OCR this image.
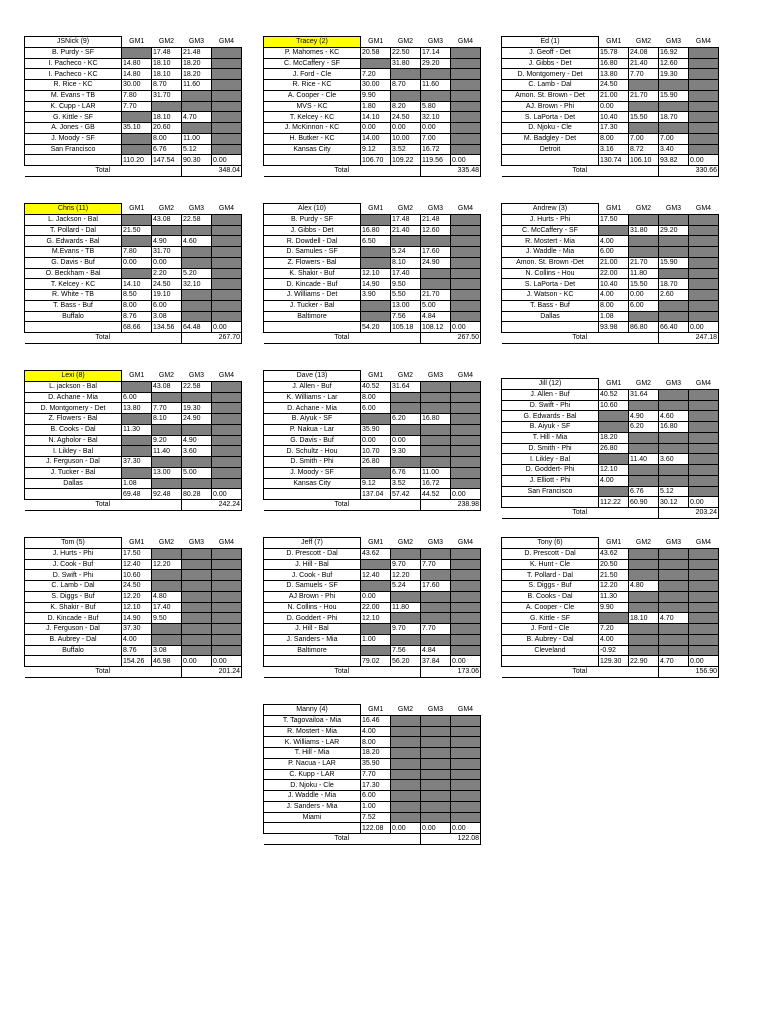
JSNick (9)	GM1	GM2	GM3	GM4
B. Purdy - SF		17.48	21.48	
I. Pacheco - KC	14.80	18.10	18.20	
I. Pacheco - KC	14.80	18.10	18.20	
R. Rice - KC	30.00	8.70	11.60	
M. Evans - TB	7.80	31.70		
K. Cupp - LAR	7.70			
G. Kittle - SF		18.10	4.70	
A. Jones - GB	35.10	20.60		
J. Moody - SF		8.00	11.00	
San Francisco		6.76	5.12	
	110.20	147.54	90.30	0.00
Total			348.04	
Tracey (2)	GM1	GM2	GM3	GM4
P. Mahomes - KC	20.58	22.50	17.14	
C. McCaffery - SF		31.80	29.20	
J. Ford - Cle	7.20			
R. Rice - KC	30.00	8.70	11.60	
A. Cooper - Cle	9.90			
MVS - KC	1.80	8.20	5.80	
T. Kelcey - KC	14.10	24.50	32.10	
J. McKinnon - KC	0.00	0.00	0.00	
H. Butker - KC	14.00	10.00	7.00	
Kansas City	9.12	3.52	16.72	
	106.70	109.22	119.56	0.00
Total			335.48	
Ed (1)	GM1	GM2	GM3	GM4
J. Geoff - Det	15.78	24.08	16.92	
J. Gibbs - Det	16.80	21.40	12.60	
D. Montgomery - Det	13.80	7.70	19.30	
C. Lamb - Dal	24.50			
Amon. St. Brown - Det	21.00	21.70	15.90	
AJ. Brown - Phi	0.00			
S. LaPorta - Det	10.40	15.50	18.70	
D. Njoku - Cle	17.30			
M. Badgley - Det	8.00	7.00	7.00	
Detroit	3.16	8.72	3.40	
	130.74	106.10	93.82	0.00
Total			330.66	
Chris (11)	GM1	GM2	GM3	GM4
L. Jackson - Bal		43.08	22.58	
T. Pollard - Dal	21.50			
G. Edwards - Bal		4.90	4.60	
M.Evans - TB	7.80	31.70		
G. Davis - Buf	0.00	0.00		
O. Beckham - Bal		2.20	5.20	
T. Kelcey - KC	14.10	24.50	32.10	
R. White - TB	8.50	19.10		
T. Bass - Buf	8.00	6.00		
Buffalo	8.76	3.08		
	68.66	134.56	64.48	0.00
Total			267.70	
Alex (10)	GM1	GM2	GM3	GM4
B. Purdy - SF		17.48	21.48	
J. Gibbs - Det	16.80	21.40	12.60	
R. Dowdell - Dal	6.50			
D. Samules - SF		5.24	17.60	
Z. Flowers - Bal		8.10	24.90	
K. Shakir - Buf	12.10	17.40		
D. Kincade - Buf	14.90	9.50		
J. Williams - Det	3.90	5.50	21.70	
J. Tucker - Bal		13.00	5.00	
Baltimore		7.56	4.84	
	54.20	105.18	108.12	0.00
Total			267.50	
Andrew (3)	GM1	GM2	GM3	GM4
J. Hurts - Phi	17.50			
C. McCaffery - SF		31.80	29.20	
R. Mostert - Mia	4.00			
J. Waddle - Mia	6.00			
Amon. St. Brown -Det	21.00	21.70	15.90	
N. Collins - Hou	22.00	11.80		
S. LaPorta - Det	10.40	15.50	18.70	
J. Watson - KC	4.00	0.00	2.60	
T. Bass - Buf	8.00	6.00		
Dallas	1.08			
	93.98	86.80	66.40	0.00
Total			247.18	
Lexi (8)	GM1	GM2	GM3	GM4
L. jackson - Bal		43.08	22.58	
D. Achane - Mia	6.00			
D. Montgomery - Det	13.80	7.70	19.30	
Z. Flowers - Bal		8.10	24.90	
B. Cooks - Dal	11.30			
N. Agholor - Bal		9.20	4.90	
I. Likley - Bal		11.40	3.60	
J. Ferguson - Dal	37.30			
J. Tucker - Bal		13.00	5.00	
Dallas	1.08			
	69.48	92.48	80.28	0.00
Total			242.24	
Dave (13)	GM1	GM2	GM3	GM4
J. Allen - Buf	40.52	31.64		
K. Williams - Lar	8.00			
D. Achane - Mia	6.00			
B. Aiyuk - SF		6.20	16.80	
P. Nakua - Lar	35.90			
G. Davis - Buf	0.00	0.00		
D. Schultz - Hou	10.70	9.30		
D. Smith - Phi	26.80			
J. Moody - SF		6.76	11.00	
Kansas City	9.12	3.52	16.72	
	137.04	57.42	44.52	0.00
Total			238.98	
Jill (12)	GM1	GM2	GM3	GM4
J. Allen - Buf	40.52	31.64		
D. Swift - Phi	10.60			
G. Edwards - Bal		4.90	4.60	
B. Aiyuk - SF		6.20	16.80	
T. Hill - Mia	18.20			
D. Smith - Phi	26.80			
I. Likley - Bal		11.40	3.60	
D. Goddert- Phi	12.10			
J. Elliott - Phi	4.00			
San Francisco		6.76	5.12	
	112.22	60.90	30.12	0.00
Total			203.24	
Tom (5)	GM1	GM2	GM3	GM4
J. Hurts - Phi	17.50			
J. Cook - Buf	12.40	12.20		
D. Swift - Phi	10.60			
C. Lamb - Dal	24.50			
S. Diggs - Buf	12.20	4.80		
K. Shakir - Buf	12.10	17.40		
D. Kincade - Buf	14.90	9.50		
J. Ferguson - Dal	37.30			
B. Aubrey - Dal	4.00			
Buffalo	8.76	3.08		
	154.26	46.98	0.00	0.00
Total			201.24	
Jeff (7)	GM1	GM2	GM3	GM4
D. Prescott - Dal	43.62			
J. Hill - Bal		9.70	7.70	
J. Cook - Buf	12.40	12.20		
D. Samuels - SF		5.24	17.60	
AJ Brown - Phi	0.00			
N. Collins - Hou	22.00	11.80		
D. Goddert - Phi	12.10			
J. Hill - Bal		9.70	7.70	
J. Sanders - Mia	1.00			
Baltimore		7.56	4.84	
	79.02	56.20	37.84	0.00
Total			173.06	
Tony (6)	GM1	GM2	GM3	GM4
D. Prescott - Dal	43.62			
K. Hunt - Cle	20.50			
T. Pollard - Dal	21.50			
S. Diggs - Buf	12.20	4.80		
B. Cooks - Dal	11.30			
A. Cooper - Cle	9.90			
G. Kittle - SF		18.10	4.70	
J. Ford - Cle	7.20			
B. Aubrey - Dal	4.00			
Cleveland	-0.92			
	129.30	22.90	4.70	0.00
Total			156.90	
Manny (4)	GM1	GM2	GM3	GM4
T. Tagovailoa - Mia	16.46			
R. Mostert - Mia	4.00			
K. Williams - LAR	8.00			
T. Hill - Mia	18.20			
P. Nacua - LAR	35.90			
C. Kupp - LAR	7.70			
D. Njoku - Cle	17.30			
J. Waddle - Mia	6.00			
J. Sanders - Mia	1.00			
Miami	7.52			
	122.08	0.00	0.00	0.00
Total			122.08	
